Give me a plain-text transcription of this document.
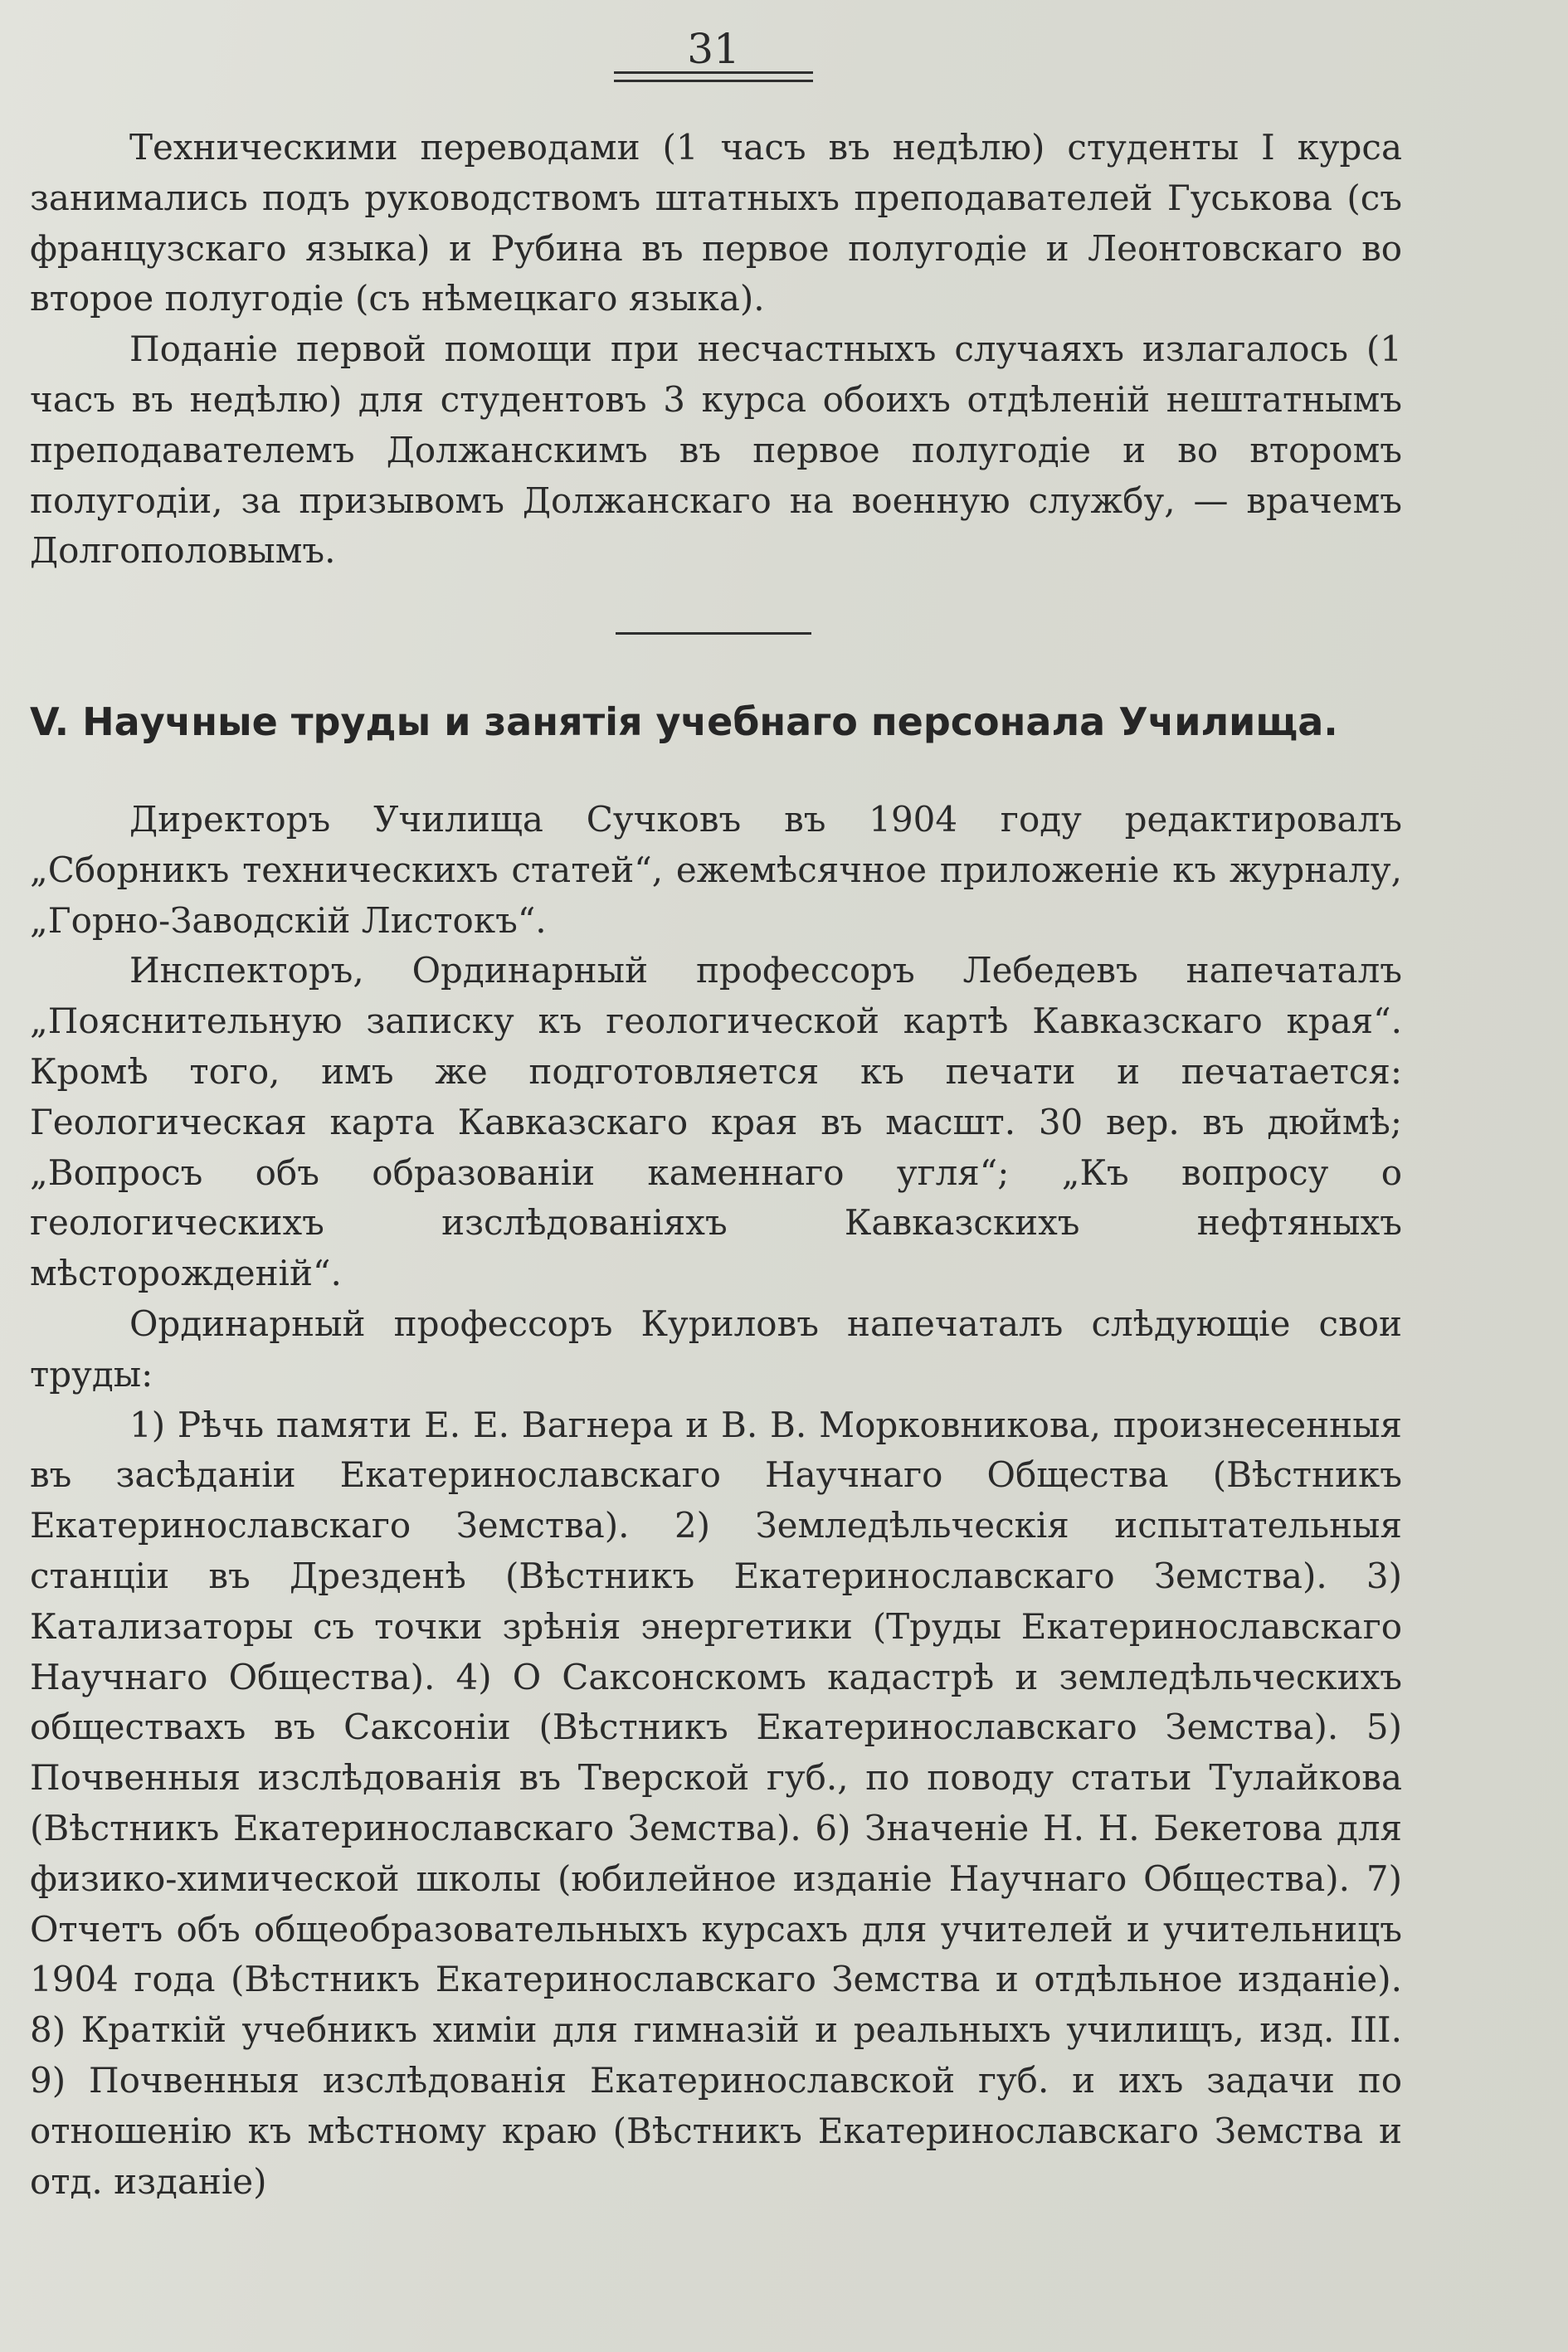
31

Техническими переводами (1 часъ въ недѣлю) студенты I курса занимались подъ руководствомъ штатныхъ преподавателей Гуськова (съ французскаго языка) и Рубина въ первое полугодіе и Леонтовскаго во второе полугодіе (съ нѣмецкаго языка).

Поданіе первой помощи при несчастныхъ случаяхъ излагалось (1 часъ въ недѣлю) для студентовъ 3 курса обоихъ отдѣленій нештатнымъ преподавателемъ Должанскимъ въ первое полугодіе и во второмъ полугодіи, за призывомъ Должанскаго на военную службу, — врачемъ Долгополовымъ.

V. Научные труды и занятія учебнаго персонала Училища.

Директоръ Училища Сучковъ въ 1904 году редактировалъ „Сборникъ техническихъ статей“, ежемѣсячное приложеніе къ журналу, „Горно-Заводскій Листокъ“.

Инспекторъ, Ординарный профессоръ Лебедевъ напечаталъ „Пояснительную записку къ геологической картѣ Кавказскаго края“. Кромѣ того, имъ же подготовляется къ печати и печатается: Геологическая карта Кавказскаго края въ масшт. 30 вер. въ дюймѣ; „Вопросъ объ образованіи каменнаго угля“; „Къ вопросу о геологическихъ изслѣдованіяхъ Кавказскихъ нефтяныхъ мѣсторожденій“.

Ординарный профессоръ Куриловъ напечаталъ слѣдующіе свои труды:

1) Рѣчь памяти Е. Е. Вагнера и В. В. Морковникова, произнесенныя въ засѣданіи Екатеринославскаго Научнаго Общества (Вѣстникъ Екатеринославскаго Земства). 2) Земледѣльческія испытательныя станціи въ Дрезденѣ (Вѣстникъ Екатеринославскаго Земства). 3) Катализаторы съ точки зрѣнія энергетики (Труды Екатеринославскаго Научнаго Общества). 4) О Саксонскомъ кадастрѣ и земледѣльческихъ обществахъ въ Саксоніи (Вѣстникъ Екатеринославскаго Земства). 5) Почвенныя изслѣдованія въ Тверской губ., по поводу статьи Тулайкова (Вѣстникъ Екатеринославскаго Земства). 6) Значеніе Н. Н. Бекетова для физико-химической школы (юбилейное изданіе Научнаго Общества). 7) Отчетъ объ общеобразовательныхъ курсахъ для учителей и учительницъ 1904 года (Вѣстникъ Екатеринославскаго Земства и отдѣльное изданіе). 8) Краткій учебникъ химіи для гимназій и реальныхъ училищъ, изд. III. 9) Почвенныя изслѣдованія Екатеринославской губ. и ихъ задачи по отношенію къ мѣстному краю (Вѣстникъ Екатеринославскаго Земства и отд. изданіе)
